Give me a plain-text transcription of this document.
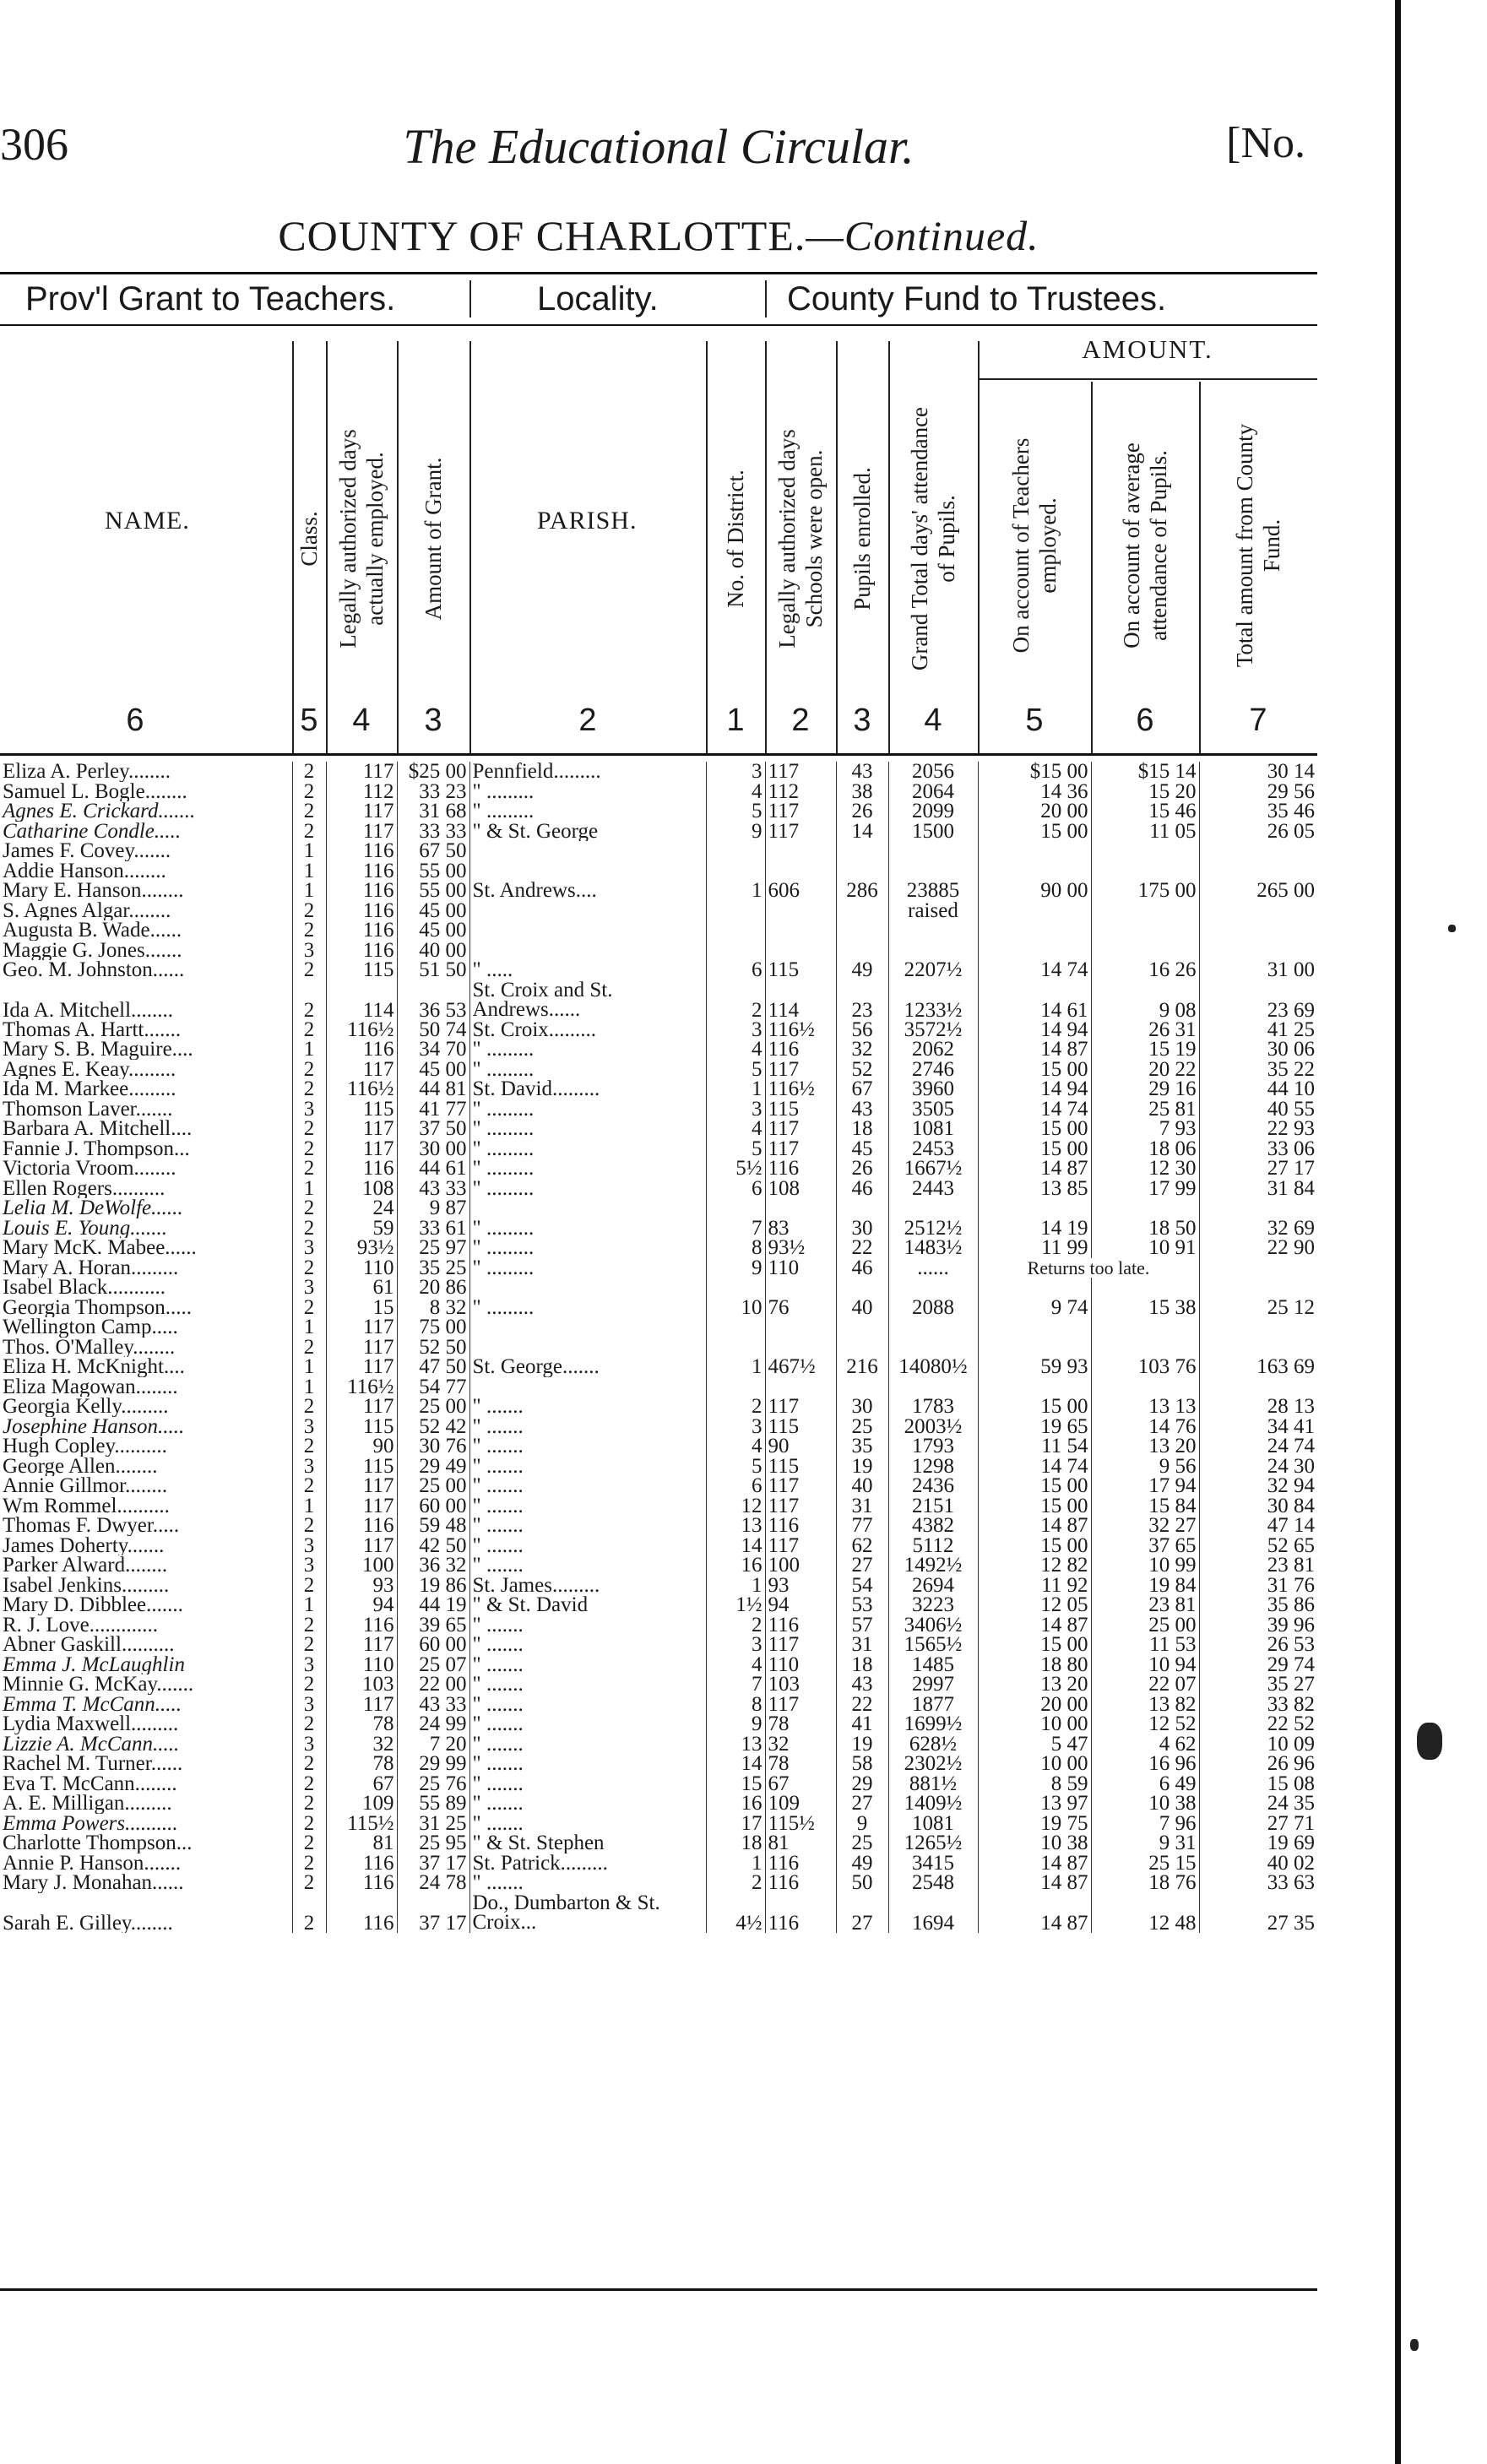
306	The Educational Circular.	[No.
COUNTY OF CHARLOTTE.—Continued.
Prov'l Grant to Teachers.	Locality.	County Fund to Trustees.
AMOUNT.
NAME.	Class. Legally authorized days actually employed. Amount of Grant.	PARISH.	No. of District. Legally authorized days Schools were open. Pupils enrolled. Grand Total days' attendance of Pupils. On account of Teachers employed.	On account of average attendance of Pupils.	Total amount from County Fund.
6	5	4	3	2	1	2	3	4	5	6	7
Eliza A. Perley........	2	117	$25 00	Pennfield.........	3	117	43	2056	$15 00	$15 14	30 14
Samuel L. Bogle........	2	112	33 23	" .........	4	112	38	2064	14 36	15 20	29 56
Agnes E. Crickard.......	2	117	31 68	" .........	5	117	26	2099	20 00	15 46	35 46
Catharine Condle.....	2	117	33 33	" & St. George	9	117	14	1500	15 00	11 05	26 05
James F. Covey.......	1	116	67 50								
Addie Hanson........	1	116	55 00								
Mary E. Hanson........	1	116	55 00	St. Andrews....	1	606	286	23885	90 00	175 00	265 00
S. Agnes Algar........	2	116	45 00					raised			
Augusta B. Wade......	2	116	45 00								
Maggie G. Jones.......	3	116	40 00								
Geo. M. Johnston......	2	115	51 50	" .....	6	115	49	2207½	14 74	16 26	31 00
Ida A. Mitchell........	2	114	36 53	St. Croix and St. Andrews......	2	114	23	1233½	14 61	9 08	23 69
Thomas A. Hartt.......	2	116½	50 74	St. Croix.........	3	116½	56	3572½	14 94	26 31	41 25
Mary S. B. Maguire....	1	116	34 70	" .........	4	116	32	2062	14 87	15 19	30 06
Agnes E. Keay.........	2	117	45 00	" .........	5	117	52	2746	15 00	20 22	35 22
Ida M. Markee.........	2	116½	44 81	St. David.........	1	116½	67	3960	14 94	29 16	44 10
Thomson Laver.......	3	115	41 77	" .........	3	115	43	3505	14 74	25 81	40 55
Barbara A. Mitchell....	2	117	37 50	" .........	4	117	18	1081	15 00	7 93	22 93
Fannie J. Thompson...	2	117	30 00	" .........	5	117	45	2453	15 00	18 06	33 06
Victoria Vroom........	2	116	44 61	" .........	5½	116	26	1667½	14 87	12 30	27 17
Ellen Rogers..........	1	108	43 33	" .........	6	108	46	2443	13 85	17 99	31 84
Lelia M. DeWolfe......	2	24	9 87								
Louis E. Young.......	2	59	33 61	" .........	7	83	30	2512½	14 19	18 50	32 69
Mary McK. Mabee......	3	93½	25 97	" .........	8	93½	22	1483½	11 99	10 91	22 90
Mary A. Horan.........	2	110	35 25	" .........	9	110	46	......	Returns too late.		
Isabel Black...........	3	61	20 86								
Georgia Thompson.....	2	15	8 32	" .........	10	76	40	2088	9 74	15 38	25 12
Wellington Camp.....	1	117	75 00								
Thos. O'Malley........	2	117	52 50								
Eliza H. McKnight....	1	117	47 50	St. George.......	1	467½	216	14080½	59 93	103 76	163 69
Eliza Magowan........	1	116½	54 77								
Georgia Kelly.........	2	117	25 00	" .......	2	117	30	1783	15 00	13 13	28 13
Josephine Hanson.....	3	115	52 42	" .......	3	115	25	2003½	19 65	14 76	34 41
Hugh Copley..........	2	90	30 76	" .......	4	90	35	1793	11 54	13 20	24 74
George Allen........	3	115	29 49	" .......	5	115	19	1298	14 74	9 56	24 30
Annie Gillmor........	2	117	25 00	" .......	6	117	40	2436	15 00	17 94	32 94
Wm Rommel..........	1	117	60 00	" .......	12	117	31	2151	15 00	15 84	30 84
Thomas F. Dwyer.....	2	116	59 48	" .......	13	116	77	4382	14 87	32 27	47 14
James Doherty.......	3	117	42 50	" .......	14	117	62	5112	15 00	37 65	52 65
Parker Alward........	3	100	36 32	" .......	16	100	27	1492½	12 82	10 99	23 81
Isabel Jenkins.........	2	93	19 86	St. James.........	1	93	54	2694	11 92	19 84	31 76
Mary D. Dibblee.......	1	94	44 19	" & St. David	1½	94	53	3223	12 05	23 81	35 86
R. J. Love.............	2	116	39 65	" .......	2	116	57	3406½	14 87	25 00	39 96
Abner Gaskill..........	2	117	60 00	" .......	3	117	31	1565½	15 00	11 53	26 53
Emma J. McLaughlin	3	110	25 07	" .......	4	110	18	1485	18 80	10 94	29 74
Minnie G. McKay.......	2	103	22 00	" .......	7	103	43	2997	13 20	22 07	35 27
Emma T. McCann.....	3	117	43 33	" .......	8	117	22	1877	20 00	13 82	33 82
Lydia Maxwell.........	2	78	24 99	" .......	9	78	41	1699½	10 00	12 52	22 52
Lizzie A. McCann.....	3	32	7 20	" .......	13	32	19	628½	5 47	4 62	10 09
Rachel M. Turner......	2	78	29 99	" .......	14	78	58	2302½	10 00	16 96	26 96
Eva T. McCann........	2	67	25 76	" .......	15	67	29	881½	8 59	6 49	15 08
A. E. Milligan.........	2	109	55 89	" .......	16	109	27	1409½	13 97	10 38	24 35
Emma Powers..........	2	115½	31 25	" .......	17	115½	9	1081	19 75	7 96	27 71
Charlotte Thompson...	2	81	25 95	" & St. Stephen	18	81	25	1265½	10 38	9 31	19 69
Annie P. Hanson.......	2	116	37 17	St. Patrick.........	1	116	49	3415	14 87	25 15	40 02
Mary J. Monahan......	2	116	24 78	" .......	2	116	50	2548	14 87	18 76	33 63
Sarah E. Gilley........	2	116	37 17	Do., Dumbarton & St. Croix...	4½	116	27	1694	14 87	12 48	27 35
